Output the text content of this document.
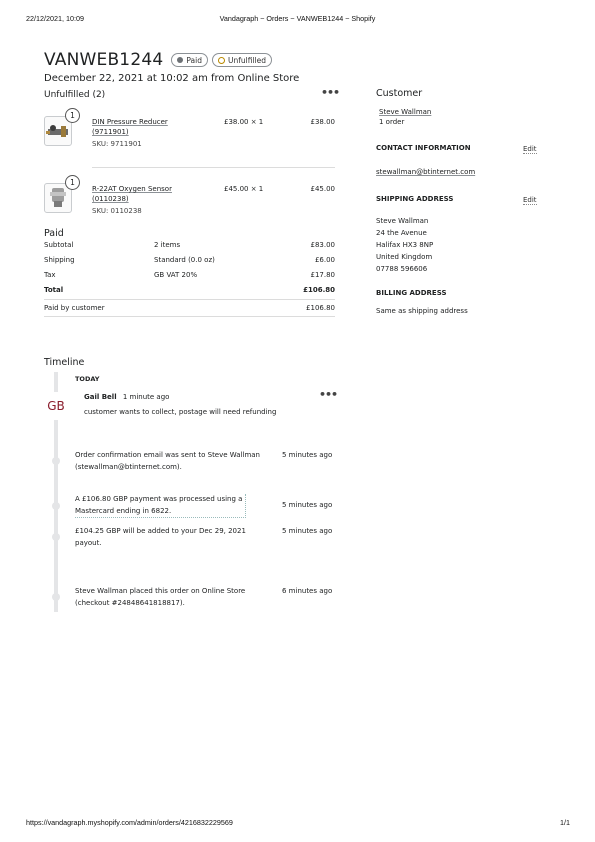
22/12/2021, 10:09	Vandagraph ~ Orders ~ VANWEB1244 ~ Shopify
VANWEB1244	Paid	Unfulfilled
December 22, 2021 at 10:02 am from Online Store
Unfulfilled (2)	•••
1
DIN Pressure Reducer
(9711901)
SKU: 9711901
£38.00 × 1	£38.00
1
R-22AT Oxygen Sensor
(0110238)
SKU: 0110238
£45.00 × 1	£45.00
Paid
Subtotal	2 items	£83.00
Shipping	Standard (0.0 oz)	£6.00
Tax	GB VAT 20%	£17.80
Total	£106.80
Paid by customer	£106.80
Customer
Steve Wallman
1 order
CONTACT INFORMATION	Edit
stewallman@btinternet.com
SHIPPING ADDRESS	Edit
Steve Wallman
24 the Avenue
Halifax HX3 8NP
United Kingdom
07788 596606
BILLING ADDRESS
Same as shipping address
Timeline
TODAY
GB
Gail Bell 1 minute ago	•••
customer wants to collect, postage will need refunding
Order confirmation email was sent to Steve Wallman
(stewallman@btinternet.com).
5 minutes ago
A £106.80 GBP payment was processed using a
Mastercard ending in 6822.
5 minutes ago
£104.25 GBP will be added to your Dec 29, 2021
payout.
5 minutes ago
Steve Wallman placed this order on Online Store
(checkout #24848641818817).
6 minutes ago
https://vandagraph.myshopify.com/admin/orders/4216832229569	1/1
